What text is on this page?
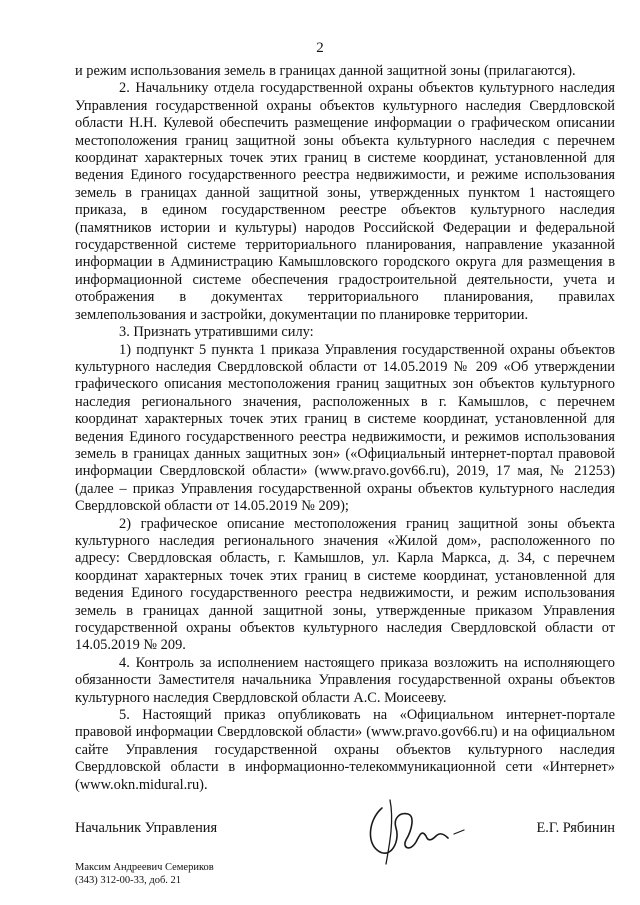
2

и режим использования земель в границах данной защитной зоны (прилагаются).

2. Начальнику отдела государственной охраны объектов культурного наследия Управления государственной охраны объектов культурного наследия Свердловской области Н.Н. Кулевой обеспечить размещение информации о графическом описании местоположения границ защитной зоны объекта культурного наследия с перечнем координат характерных точек этих границ в системе координат, установленной для ведения Единого государственного реестра недвижимости, и режиме использования земель в границах данной защитной зоны, утвержденных пунктом 1 настоящего приказа, в едином государственном реестре объектов культурного наследия (памятников истории и культуры) народов Российской Федерации и федеральной государственной системе территориального планирования, направление указанной информации в Администрацию Камышловского городского округа для размещения в информационной системе обеспечения градостроительной деятельности, учета и отображения в документах территориального планирования, правилах землепользования и застройки, документации по планировке территории.

3. Признать утратившими силу:

1) подпункт 5 пункта 1 приказа Управления государственной охраны объектов культурного наследия Свердловской области от 14.05.2019 № 209 «Об утверждении графического описания местоположения границ защитных зон объектов культурного наследия регионального значения, расположенных в г. Камышлов, с перечнем координат характерных точек этих границ в системе координат, установленной для ведения Единого государственного реестра недвижимости, и режимов использования земель в границах данных защитных зон» («Официальный интернет-портал правовой информации Свердловской области» (www.pravo.gov66.ru), 2019, 17 мая, № 21253) (далее – приказ Управления государственной охраны объектов культурного наследия Свердловской области от 14.05.2019 № 209);

2) графическое описание местоположения границ защитной зоны объекта культурного наследия регионального значения «Жилой дом», расположенного по адресу: Свердловская область, г. Камышлов, ул. Карла Маркса, д. 34, с перечнем координат характерных точек этих границ в системе координат, установленной для ведения Единого государственного реестра недвижимости, и режим использования земель в границах данной защитной зоны, утвержденные приказом Управления государственной охраны объектов культурного наследия Свердловской области от 14.05.2019 № 209.

4. Контроль за исполнением настоящего приказа возложить на исполняющего обязанности Заместителя начальника Управления государственной охраны объектов культурного наследия Свердловской области А.С. Моисееву.

5. Настоящий приказ опубликовать на «Официальном интернет-портале правовой информации Свердловской области» (www.pravo.gov66.ru) и на официальном сайте Управления государственной охраны объектов культурного наследия Свердловской области в информационно-телекоммуникационной сети «Интернет» (www.okn.midural.ru).

Начальник Управления	Е.Г. Рябинин
Максим Андреевич Семериков
(343) 312-00-33, доб. 21
